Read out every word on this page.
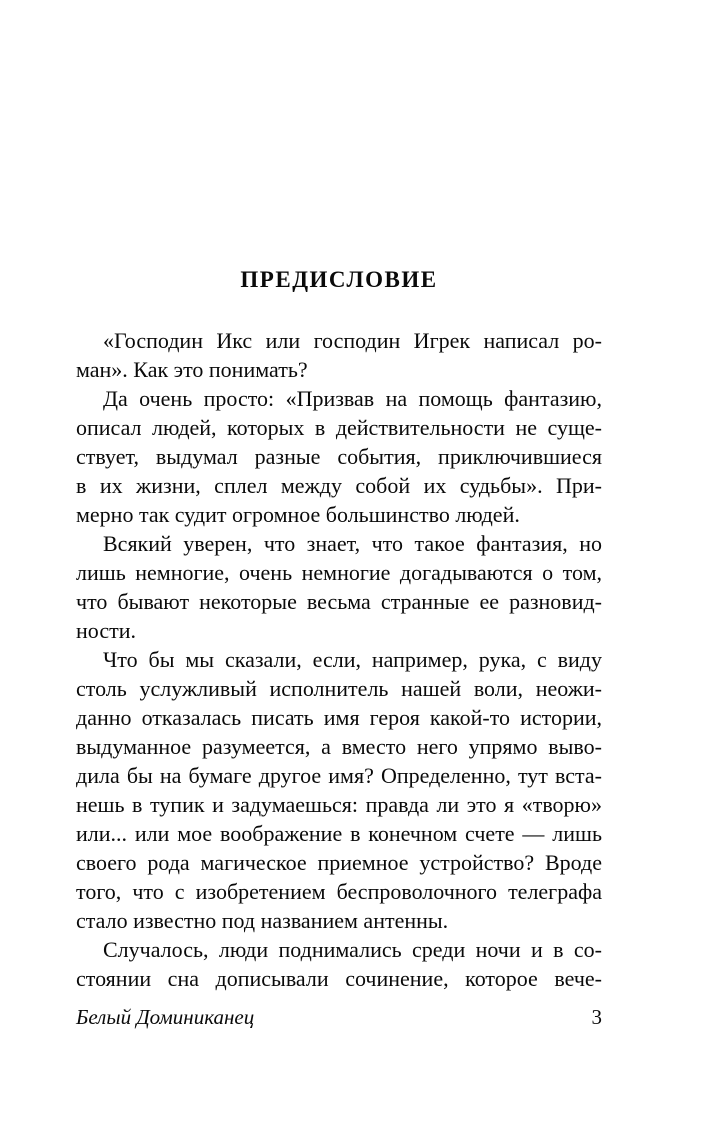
ПРЕДИСЛОВИЕ
«Господин Икс или господин Игрек написал ро-
ман». Как это понимать?
Да очень просто: «Призвав на помощь фантазию,
описал людей, которых в действительности не суще-
ствует, выдумал разные события, приключившиеся
в их жизни, сплел между собой их судьбы». При-
мерно так судит огромное большинство людей.
Всякий уверен, что знает, что такое фантазия, но
лишь немногие, очень немногие догадываются о том,
что бывают некоторые весьма странные ее разновид-
ности.
Что бы мы сказали, если, например, рука, с виду
столь услужливый исполнитель нашей воли, неожи-
данно отказалась писать имя героя какой-то истории,
выдуманное разумеется, а вместо него упрямо выво-
дила бы на бумаге другое имя? Определенно, тут вста-
нешь в тупик и задумаешься: правда ли это я «творю»
или... или мое воображение в конечном счете — лишь
своего рода магическое приемное устройство? Вроде
того, что с изобретением беспроволочного телеграфа
стало известно под названием антенны.
Случалось, люди поднимались среди ночи и в со-
стоянии сна дописывали сочинение, которое вече-
Белый Доминиканец	3
